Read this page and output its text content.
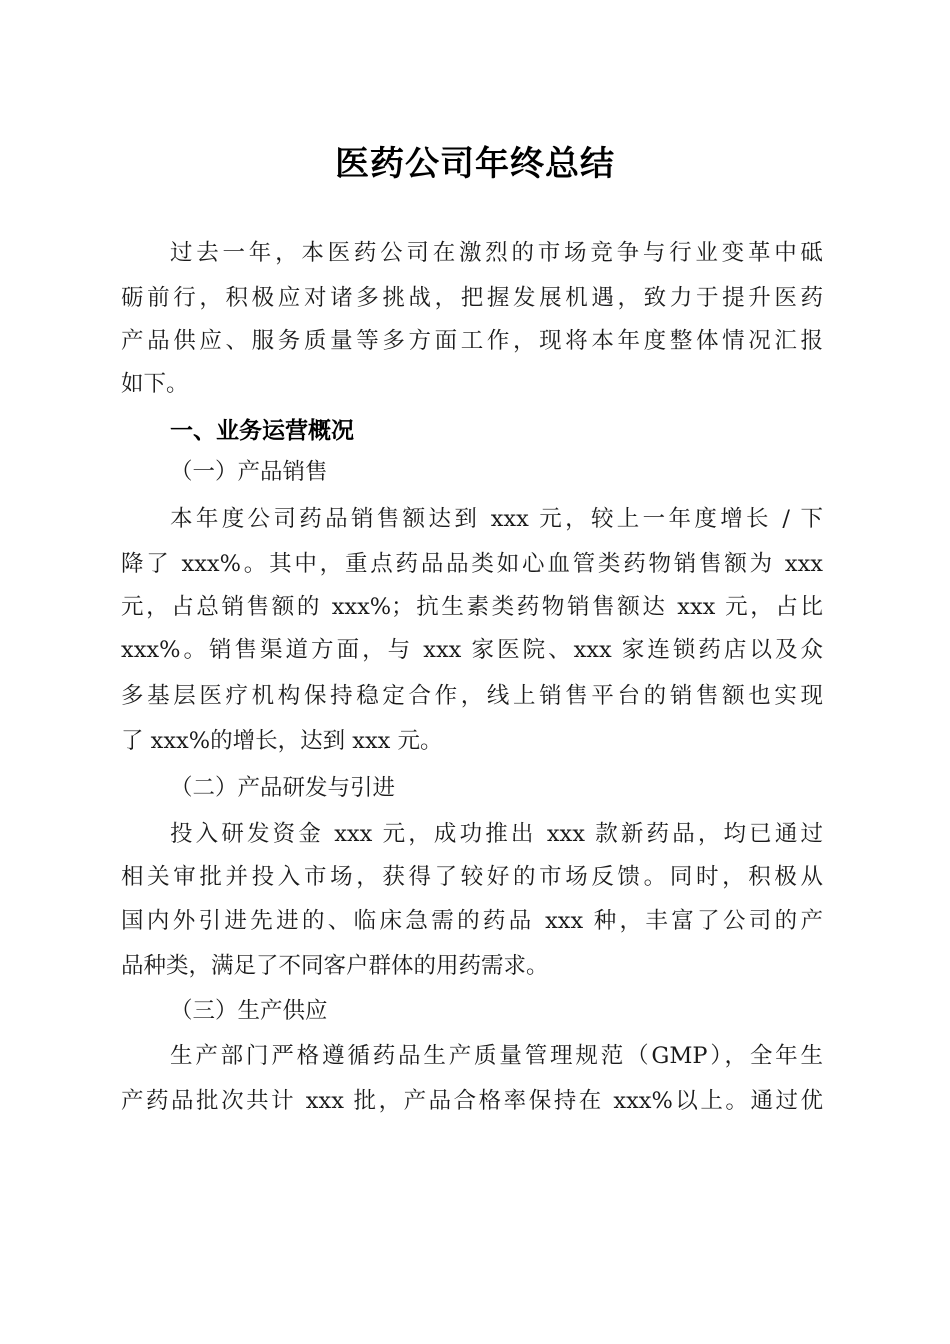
医药公司年终总结
过去一年，本医药公司在激烈的市场竞争与行业变革中砥
砺前行，积极应对诸多挑战，把握发展机遇，致力于提升医药
产品供应、服务质量等多方面工作，现将本年度整体情况汇报
如下。
一、业务运营概况
（一）产品销售
本年度公司药品销售额达到 xxx 元，较上一年度增长 / 下
降了 xxx%。其中，重点药品品类如心血管类药物销售额为 xxx
元，占总销售额的 xxx%；抗生素类药物销售额达 xxx 元，占比
xxx%。销售渠道方面，与 xxx 家医院、xxx 家连锁药店以及众
多基层医疗机构保持稳定合作，线上销售平台的销售额也实现
了 xxx%的增长，达到 xxx 元。
（二）产品研发与引进
投入研发资金 xxx 元，成功推出 xxx 款新药品，均已通过
相关审批并投入市场，获得了较好的市场反馈。同时，积极从
国内外引进先进的、临床急需的药品 xxx 种，丰富了公司的产
品种类，满足了不同客户群体的用药需求。
（三）生产供应
生产部门严格遵循药品生产质量管理规范（GMP），全年生
产药品批次共计 xxx 批，产品合格率保持在 xxx%以上。通过优
